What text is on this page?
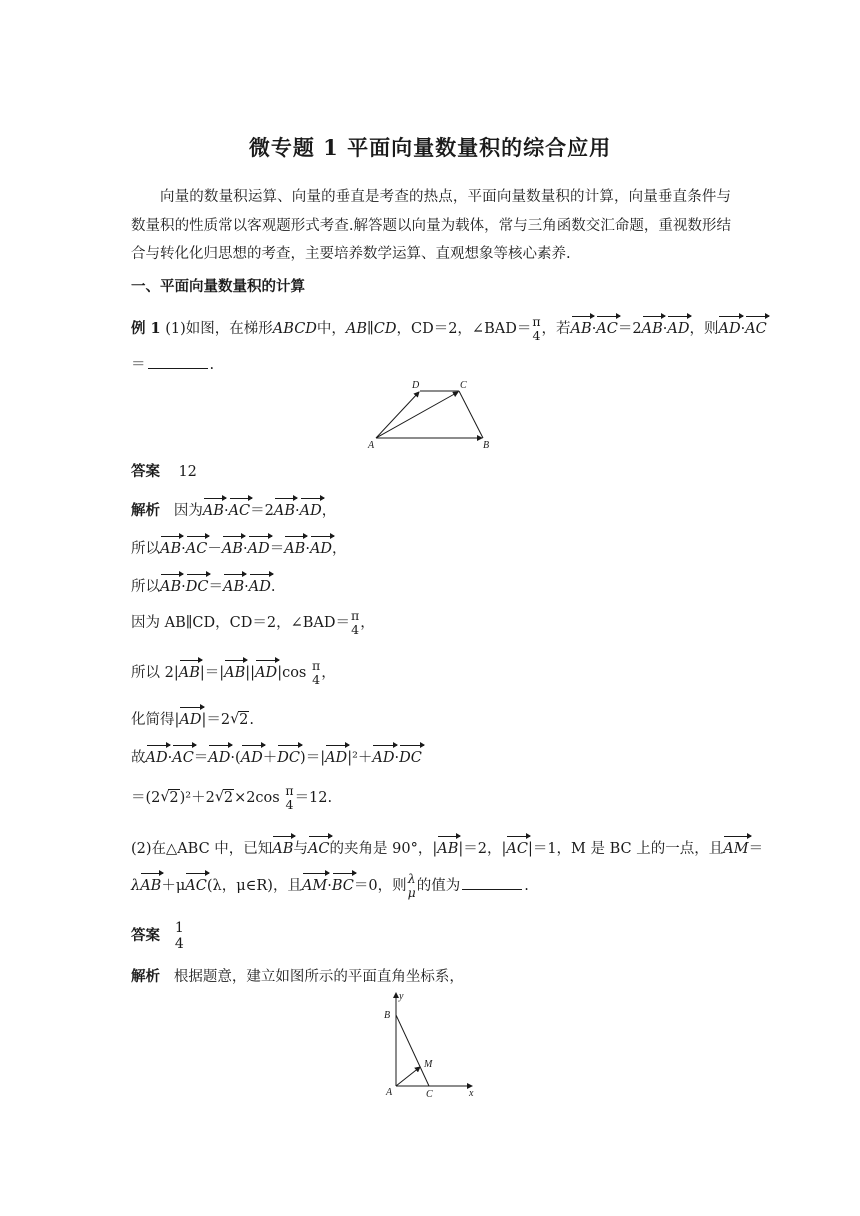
微专题 1 平面向量数量积的综合应用
向量的数量积运算、向量的垂直是考查的热点，平面向量数量积的计算，向量垂直条件与数量积的性质常以客观题形式考查.解答题以向量为载体，常与三角函数交汇命题，重视数形结合与转化化归思想的考查，主要培养数学运算、直观想象等核心素养.
一、平面向量数量积的计算
例 1 (1)如图，在梯形ABCD中，AB∥CD，CD＝2，∠BAD＝ π
4 ，若AB·AC＝2AB·AD，则AD·AC
＝	.
D	C
A	B
答案 12
解析 因为AB·AC＝2AB·AD，
所以AB·AC－AB·AD＝AB·AD，
所以AB·DC＝AB·AD.
因为 AB∥CD，CD＝2，∠BAD＝ π
4 ，
所以 2|AB|＝|AB||AD|cos π
4 ，
化简得|AD|＝2 √ 2.
故AD·AC＝AD·(AD＋DC)＝|AD|²＋AD·DC
＝(2 √ 2)²＋2 √ 2×2cos π
4 ＝12.
(2)在△ABC 中，已知AB与AC的夹角是 90°，|AB|＝2，|AC|＝1，M 是 BC 上的一点，且AM＝
λAB＋μAC(λ，μ∈R)，且AM·BC＝0，则 λ
μ 的值为	.
答案 1
4
解析 根据题意，建立如图所示的平面直角坐标系，
y
B
M
A	C	x
